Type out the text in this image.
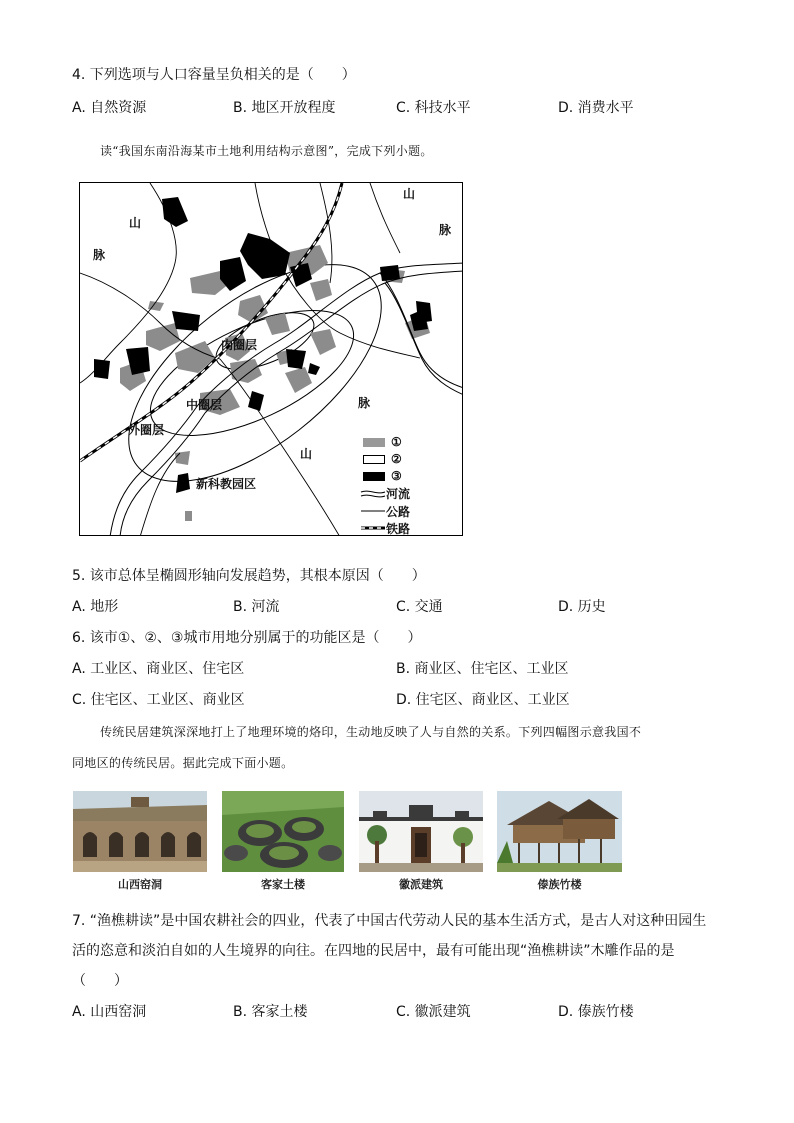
4. 下列选项与人口容量呈负相关的是（　　）
A. 自然资源	B. 地区开放程度	C. 科技水平	D. 消费水平
读“我国东南沿海某市土地利用结构示意图”，完成下列小题。
山
脉
山
脉
内圈层
中圈层
外圈层
脉
山
新科教园区
①
②
③
河流
公路
铁路
5. 该市总体呈椭圆形轴向发展趋势，其根本原因（　　）
A. 地形	B. 河流	C. 交通	D. 历史
6. 该市①、②、③城市用地分别属于的功能区是（　　）
A. 工业区、商业区、住宅区	B. 商业区、住宅区、工业区
C. 住宅区、工业区、商业区	D. 住宅区、商业区、工业区
传统民居建筑深深地打上了地理环境的烙印，生动地反映了人与自然的关系。下列四幅图示意我国不
同地区的传统民居。据此完成下面小题。
山西窑洞	客家土楼	徽派建筑	傣族竹楼
7. “渔樵耕读”是中国农耕社会的四业，代表了中国古代劳动人民的基本生活方式，是古人对这种田园生
活的恣意和淡泊自如的人生境界的向往。在四地的民居中，最有可能出现“渔樵耕读”木雕作品的是
（　　）
A. 山西窑洞	B. 客家土楼	C. 徽派建筑	D. 傣族竹楼
